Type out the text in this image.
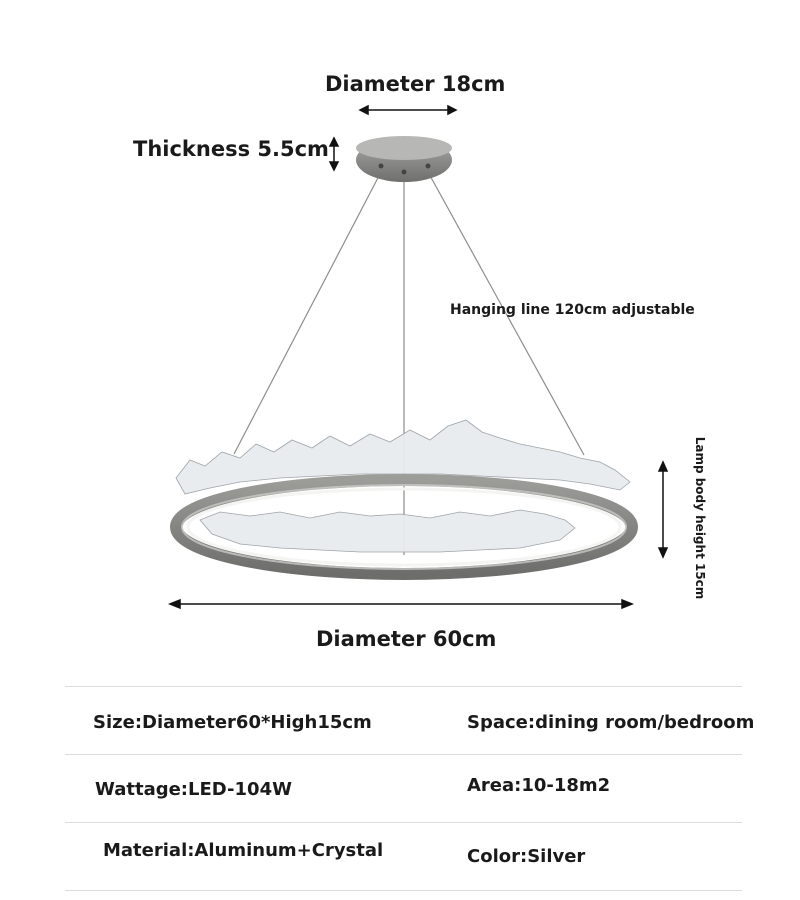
Diameter 18cm
Thickness 5.5cm
Hanging line 120cm adjustable
Lamp body height 15cm
Diameter 60cm
Size:Diameter60*High15cm	Space:dining room/bedroom
Wattage:LED-104W	Area:10-18m2
Material:Aluminum+Crystal	Color:Silver
